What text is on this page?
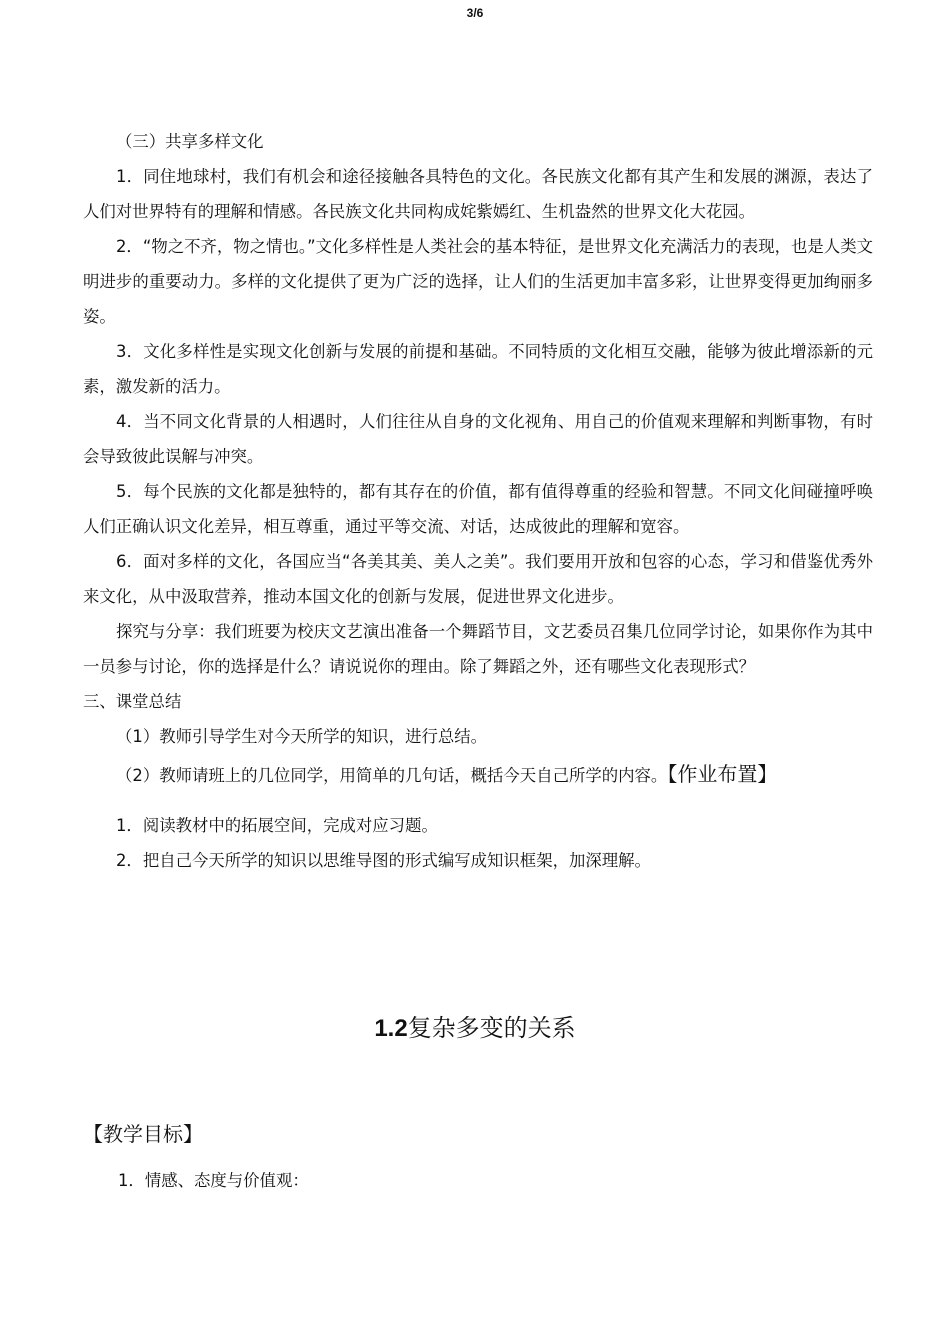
3/6

（三）共享多样文化

1．同住地球村，我们有机会和途径接触各具特色的文化。各民族文化都有其产生和发展的渊源，表达了人们对世界特有的理解和情感。各民族文化共同构成姹紫嫣红、生机盎然的世界文化大花园。

2．“物之不齐，物之情也。”文化多样性是人类社会的基本特征，是世界文化充满活力的表现，也是人类文明进步的重要动力。多样的文化提供了更为广泛的选择，让人们的生活更加丰富多彩，让世界变得更加绚丽多姿。

3．文化多样性是实现文化创新与发展的前提和基础。不同特质的文化相互交融，能够为彼此增添新的元素，激发新的活力。

4．当不同文化背景的人相遇时，人们往往从自身的文化视角、用自己的价值观来理解和判断事物，有时会导致彼此误解与冲突。

5．每个民族的文化都是独特的，都有其存在的价值，都有值得尊重的经验和智慧。不同文化间碰撞呼唤人们正确认识文化差异，相互尊重，通过平等交流、对话，达成彼此的理解和宽容。

6．面对多样的文化，各国应当“各美其美、美人之美”。我们要用开放和包容的心态，学习和借鉴优秀外来文化，从中汲取营养，推动本国文化的创新与发展，促进世界文化进步。

探究与分享：我们班要为校庆文艺演出准备一个舞蹈节目，文艺委员召集几位同学讨论，如果你作为其中一员参与讨论，你的选择是什么？请说说你的理由。除了舞蹈之外，还有哪些文化表现形式？

三、课堂总结

（1）教师引导学生对今天所学的知识，进行总结。

（2）教师请班上的几位同学，用简单的几句话，概括今天自己所学的内容。【作业布置】

1．阅读教材中的拓展空间，完成对应习题。

2．把自己今天所学的知识以思维导图的形式编写成知识框架，加深理解。

1.2复杂多变的关系
【教学目标】
1．情感、态度与价值观：
